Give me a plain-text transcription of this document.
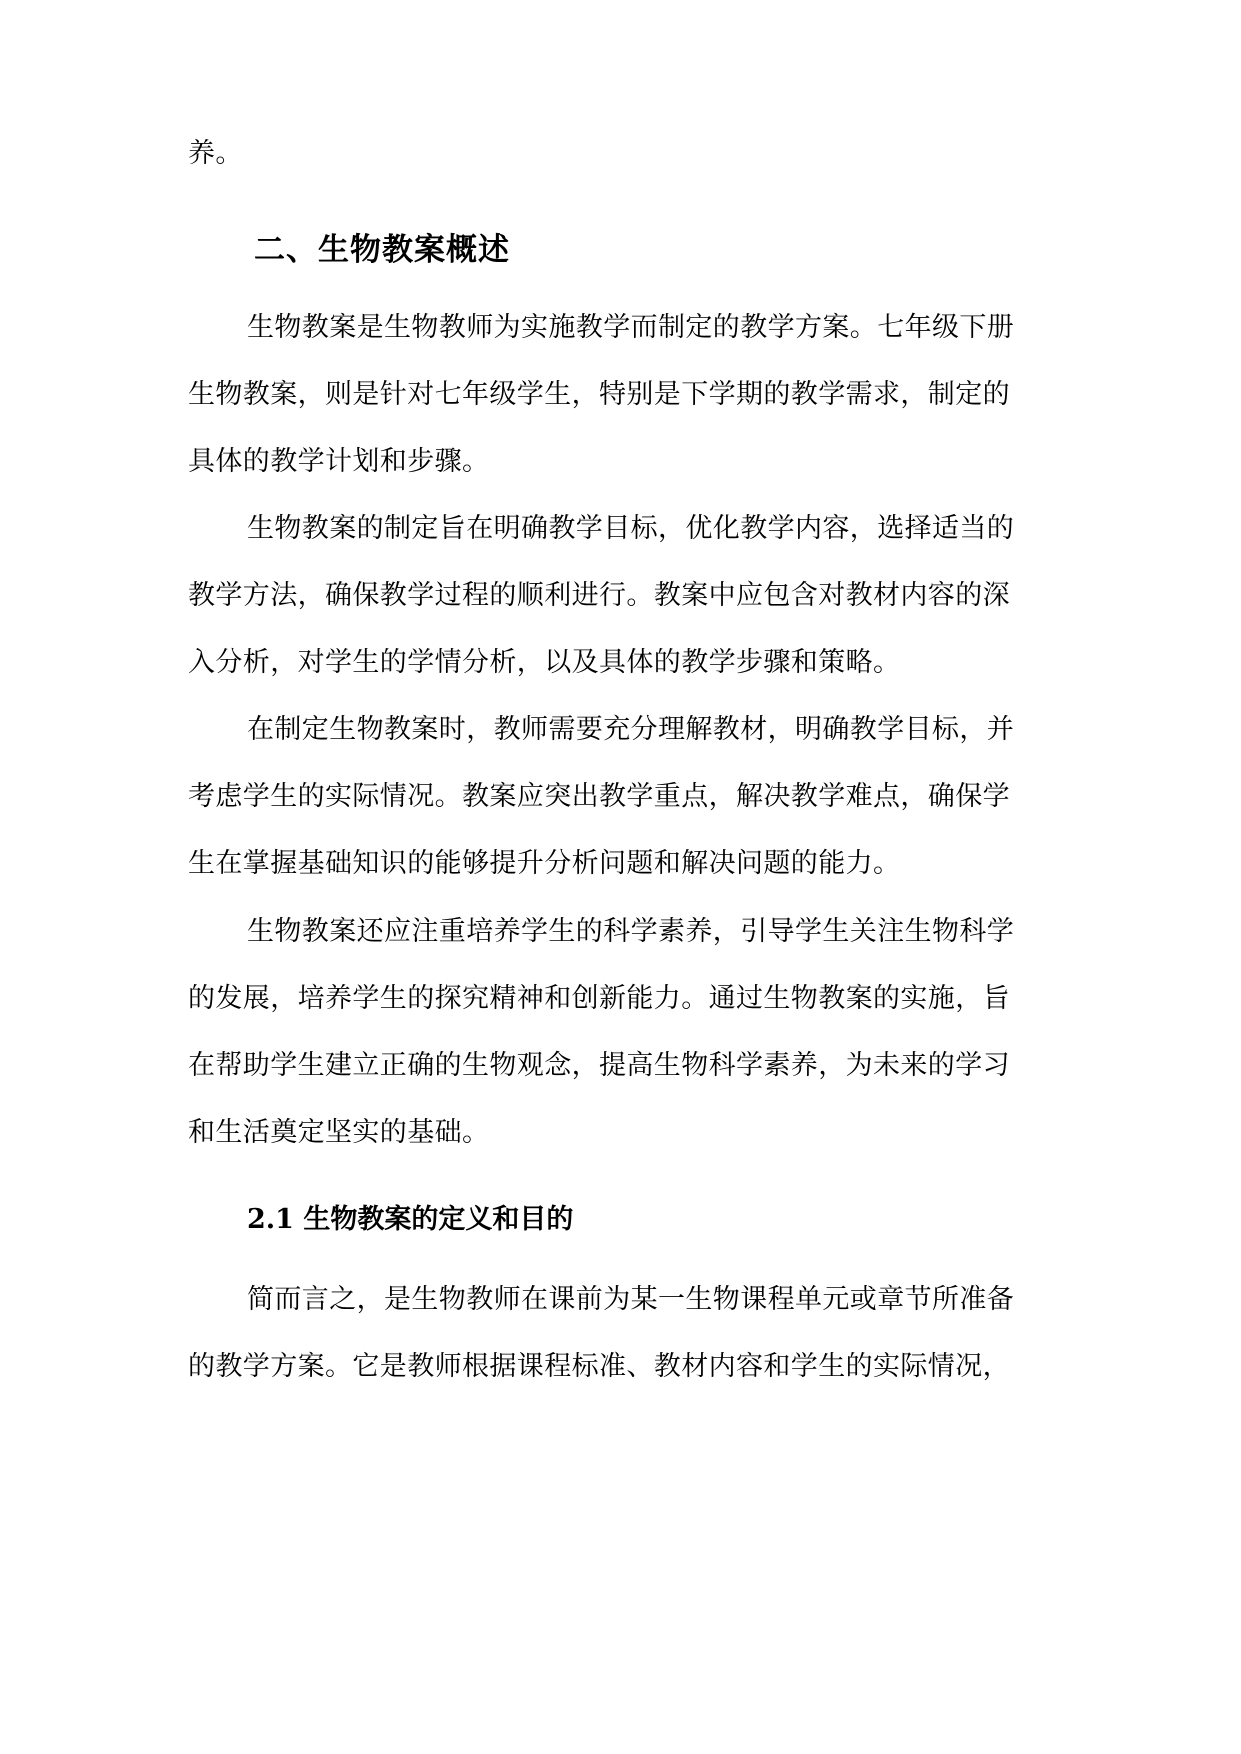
养。
二、生物教案概述
生物教案是生物教师为实施教学而制定的教学方案。七年级下册
生物教案，则是针对七年级学生，特别是下学期的教学需求，制定的
具体的教学计划和步骤。
生物教案的制定旨在明确教学目标，优化教学内容，选择适当的
教学方法，确保教学过程的顺利进行。教案中应包含对教材内容的深
入分析，对学生的学情分析，以及具体的教学步骤和策略。
在制定生物教案时，教师需要充分理解教材，明确教学目标，并
考虑学生的实际情况。教案应突出教学重点，解决教学难点，确保学
生在掌握基础知识的能够提升分析问题和解决问题的能力。
生物教案还应注重培养学生的科学素养，引导学生关注生物科学
的发展，培养学生的探究精神和创新能力。通过生物教案的实施，旨
在帮助学生建立正确的生物观念，提高生物科学素养，为未来的学习
和生活奠定坚实的基础。
2.1 生物教案的定义和目的
简而言之，是生物教师在课前为某一生物课程单元或章节所准备
的教学方案。它是教师根据课程标准、教材内容和学生的实际情况，
